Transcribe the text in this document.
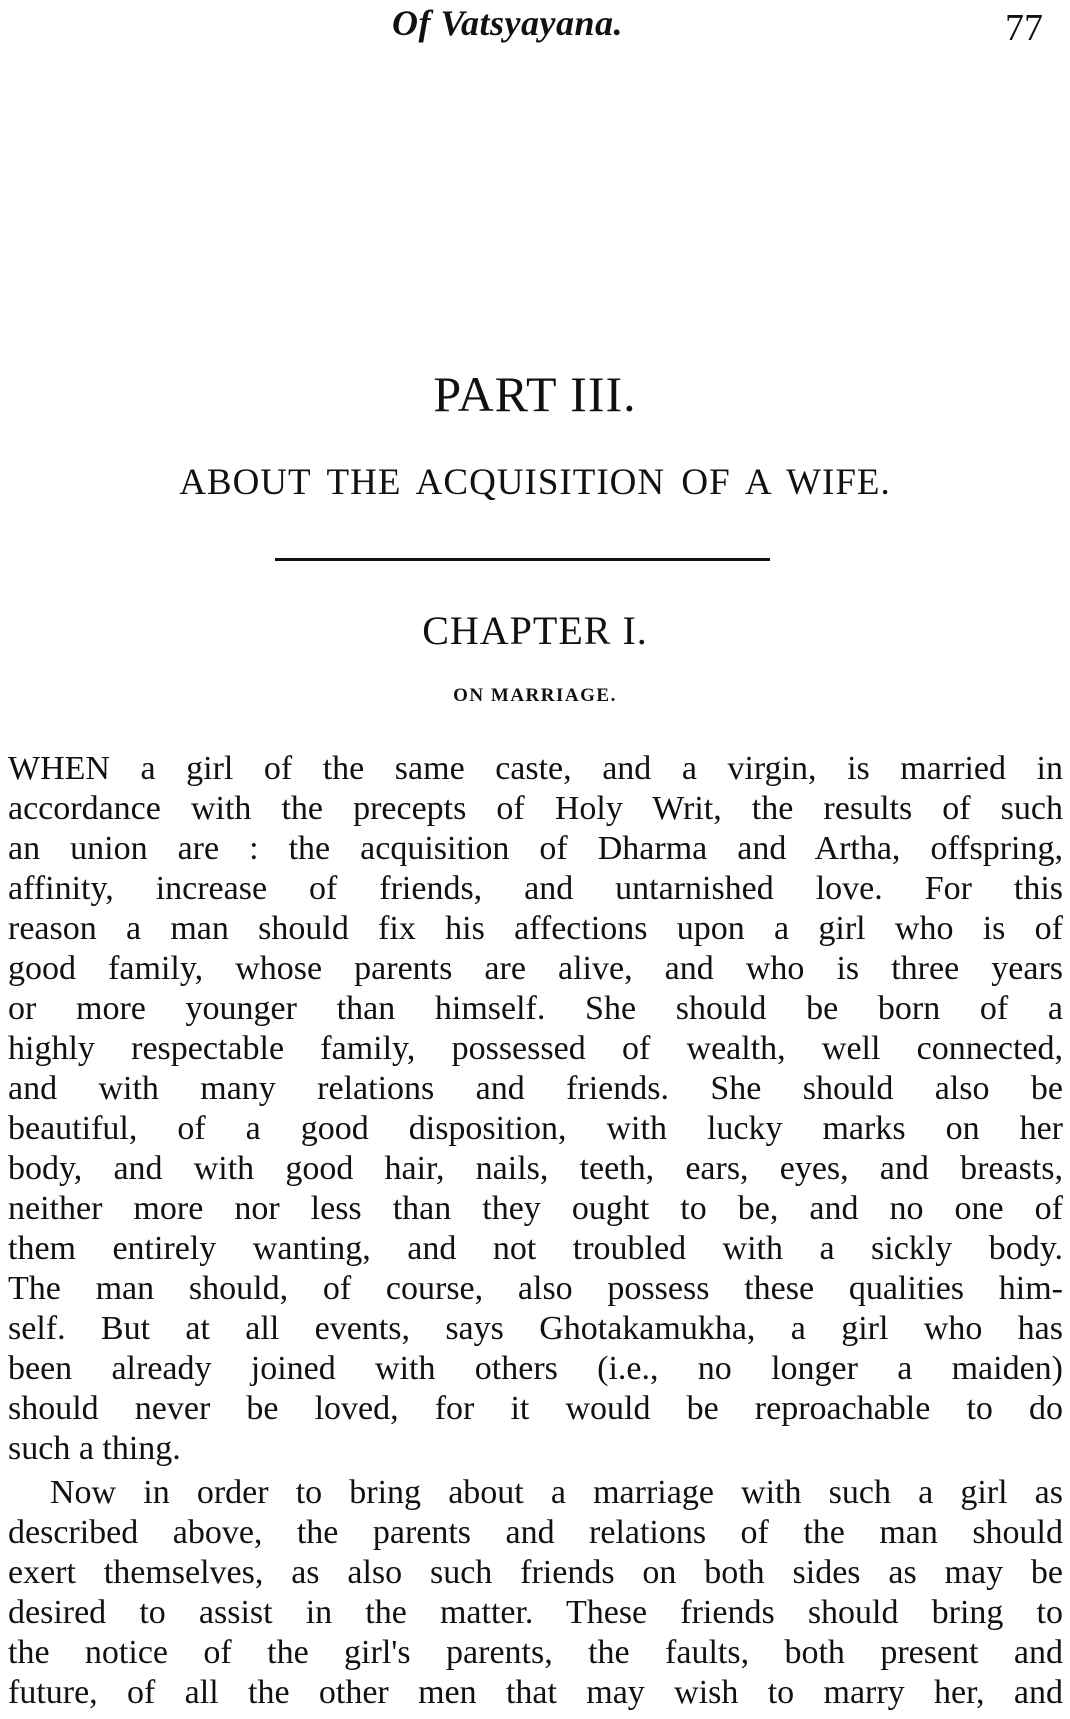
Of Vatsyayana.	77
PART III.
ABOUT THE ACQUISITION OF A WIFE.
CHAPTER I.
ON MARRIAGE.
WHEN a girl of the same caste, and a virgin, is married in
accordance with the precepts of Holy Writ, the results of such
an union are : the acquisition of Dharma and Artha, offspring,
affinity, increase of friends, and untarnished love. For this
reason a man should fix his affections upon a girl who is of
good family, whose parents are alive, and who is three years
or more younger than himself. She should be born of a
highly respectable family, possessed of wealth, well connected,
and with many relations and friends. She should also be
beautiful, of a good disposition, with lucky marks on her
body, and with good hair, nails, teeth, ears, eyes, and breasts,
neither more nor less than they ought to be, and no one of
them entirely wanting, and not troubled with a sickly body.
The man should, of course, also possess these qualities him-
self. But at all events, says Ghotakamukha, a girl who has
been already joined with others (i.e., no longer a maiden)
should never be loved, for it would be reproachable to do
such a thing.
Now in order to bring about a marriage with such a girl as
described above, the parents and relations of the man should
exert themselves, as also such friends on both sides as may be
desired to assist in the matter. These friends should bring to
the notice of the girl's parents, the faults, both present and
future, of all the other men that may wish to marry her, and
